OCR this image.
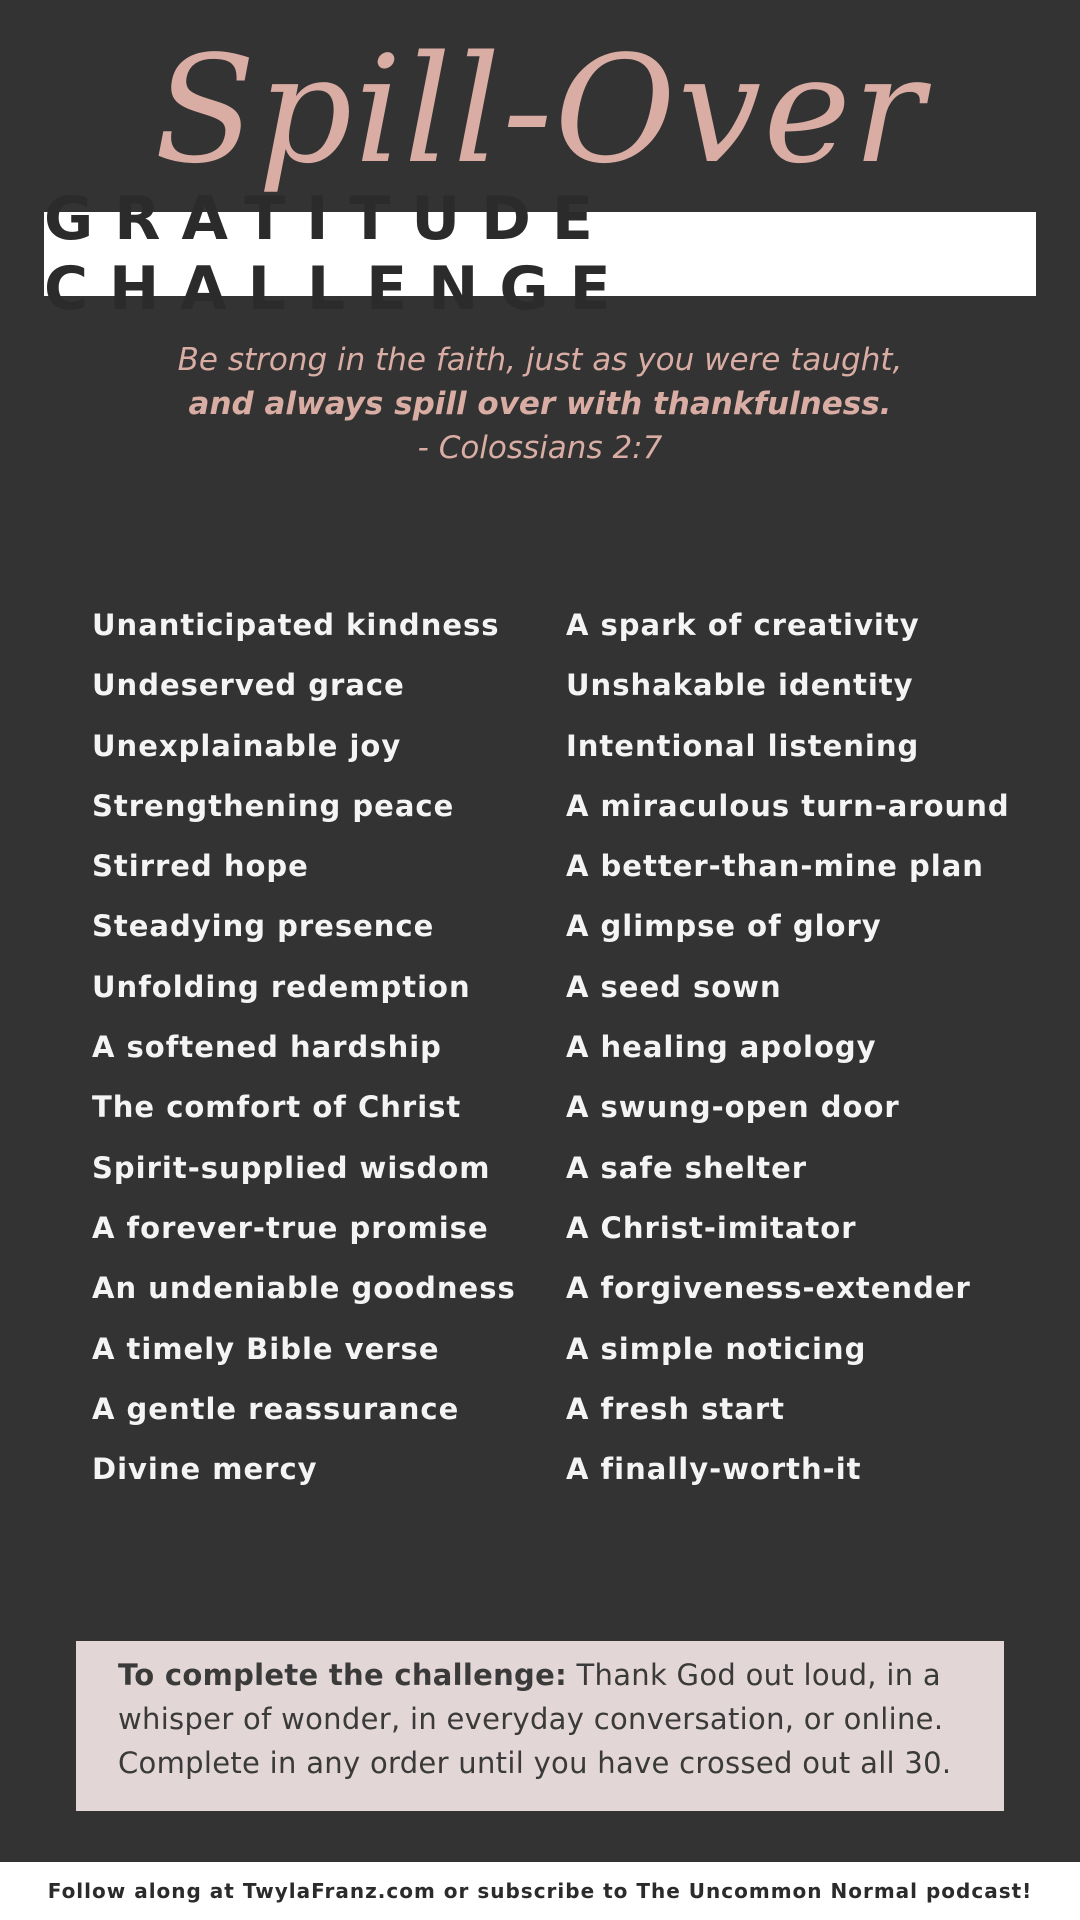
Spill-Over
GRATITUDE CHALLENGE
Be strong in the faith, just as you were taught,
and always spill over with thankfulness.
- Colossians 2:7
Unanticipated kindness
Undeserved grace
Unexplainable joy
Strengthening peace
Stirred hope
Steadying presence
Unfolding redemption
A softened hardship
The comfort of Christ
Spirit-supplied wisdom
A forever-true promise
An undeniable goodness
A timely Bible verse
A gentle reassurance
Divine mercy
A spark of creativity
Unshakable identity
Intentional listening
A miraculous turn-around
A better-than-mine plan
A glimpse of glory
A seed sown
A healing apology
A swung-open door
A safe shelter
A Christ-imitator
A forgiveness-extender
A simple noticing
A fresh start
A finally-worth-it
To complete the challenge: Thank God out loud, in a whisper of wonder, in everyday conversation, or online. Complete in any order until you have crossed out all 30.
Follow along at TwylaFranz.com or subscribe to The Uncommon Normal podcast!
